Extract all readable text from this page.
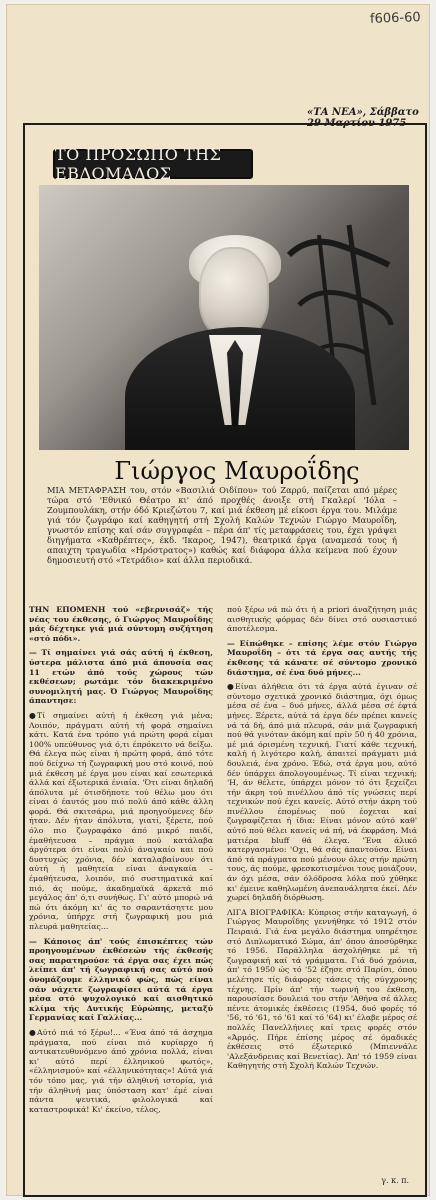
f606-60
«ΤΑ ΝΕΑ», Σάββατο 29 Μαρτίου 1975
ΤΟ ΠΡΟΣΩΠΟ ΤΗΣ ΕΒΔΟΜΑΔΟΣ
Γιώργος Μαυροΐδης

ΜΙΑ ΜΕΤΑΦΡΑΣΗ του, στόν «Βασιλιά Οιδίπου» τού Ζαρρύ, παίζεται από μέρες τώρα στό 'Εθνικό Θέατρο κι' άπό προχθές άνοιξε στή Γκαλερί 'Ιόλα – Ζουμπουλάκη, στήν όδό Κριεζώτου 7, καί μιά έκθεση μέ είκοσι έργα του. Μιλάμε γιά τόν ζωγράφο καί καθηγητή στή Σχολή Καλών Τεχνών Γιώργο Μαυροΐδη, γνωστόν επίσης καί σάν συγγραφέα – πέρα άπ' τίς μεταφράσεις του, έχει γράψει διηγήματα «Καθρέπτες», έκδ. 'Ικαρος, 1947), θεατρικά έργα (αναμεσά τους ή απαιχτη τραγωδία «Ηρόστρατος») καθώς καί διάφορα άλλα κείμενα πού έχουν δημοσιευτή στό «Τετράδιο» καί άλλα περιοδικά.

ΤΗΝ ΕΠΟΜΕΝΗ τού «εβερνισάζ» τής νέας του έκθεσης, ό Γιώργος Μαυροΐδης μάς δέχτηκε γιά μιά σύντομη συζήτηση «στό πόδι».

— Τί σημαίνει γιά σάς αύτή ή έκθεση, ύστερα μάλιστα άπό μιά άπουσία σας 11 ετών άπό τούς χώρους τών εκθέσεων; ρωτάμε τόν διακεκριμένο συνομιλητή μας. Ό Γιώργος Μαυροΐδης άπαντησε:

●Τί σημαίνει αύτή ή έκθεση γιά μένα; Λοιπόν, πράγματι αύτή τή φορά σημαίνει κάτι. Κατά ένα τρόπο γιά πρώτη φορά είμαι 100% υπεύθυνος γιά ό,τι έπρόκειτο νά δείξω. Θά έλεγα πώς είναι ή πρώτη φορά, άπό τότε πού δείχνω τή ζωγραφική μου στό κοινό, πού μιά έκθεση μέ έργα μου είναι καί εσωτερικά άλλά καί έξωτερικά ένιαία. 'Ότι είναι δηλαδή άπόλυτα μέ ότισδήποτε τού θέλω μου ότι είναι ό έαυτός μου πιό πολύ άπό κάθε άλλη φορά. Θά σκιτσάρω, μιά προηγούμενες δέν ήταν. Δέν ήταν άπόλυτα, γιατί, ξέρετε, πού όλο πιο ζωγραφάκο άπό μικρό παιδί, έμαθήτευσα – πράγμα πού κατάλαβα άργότερα ότι είναι πολύ άναγκαίο και πού δυστυχώς χρόνια, δέν καταλαβαίνουν ότι αύτή ή μαθητεία είναι άναγκαία – έμαθήτευσα, λοιπόν, πιό συστηματικά καί πιό, άς πούμε, άκαδημαϊκά άρκετά πιό μεγάλος άπ' ό,τι συνήθως. Γι' αύτό μπορώ νά πώ ότι άκόμη κι' άς το σαραντάσηττε μου χρόνια, ύπήρχε στή ζωγραφική μου μιά πλευρά μαθητείας...

— Κάποιος άπ' τούς έπισκέπτες τών προηγουμένων έκθέσεών τής έκθεσής σας παρατηρούσε τά έργα σας έχει πώς λείπει άπ' τή ζωγραφική σας αύτό πού όνομάζουμε έλληνικό φώς, πώς είναι σάν νάχετε ζωγραφίσει αύτά τά έργα μέσα στό ψυχολογικό καί αισθητικό κλίμα τής Δυτικής Εύρώπης, μεταξύ Γερμανίας καί Γαλλίας...

●Αύτό πιά τό ξέρω!... «Ένα άπό τά άσχημα πράγματα, πού είναι πιό κυρίαρχο ή αντικατευθυνόμενο άπό χρόνια πολλά, είναι κι' αύτό περί έλληνικού φωτός», «έλληνισμού» καί «έλληνικότητας»! Αύτά γιά τόν τόπο μας, γιά τήν άληθινή ιστορία, γιά τήν άληθινή μας ύπόσταση κατ' έμέ είναι πάντα ψευτικά, φιλολογικά καί καταστροφικά! Κι' έκείνο, τέλος,

πού ξέρω νά πώ ότι ή a priori άναζήτηση μιάς αισθητικής φόρμας δέν δίνει στό ουσιαστικό άποτέλεσμα.

— Είπώθηκε – επίσης λέμε στόν Γιώργο Μαυροΐδη – ότι τά έργα σας αυτής τής έκθεσης τά κάνατε σέ σύντομο χρονικό διάστημα, σέ ένα δυό μήνες...

●Είναι άλήθεια ότι τά έργα αύτά έγιναν σέ σύντομο σχετικά χρονικό διάστημα, όχι όμως μέσα σέ ένα – δυό μήνες, άλλά μέσα σέ έφτά μήνες. Ξέρετε, αύτά τά έργα δέν πρέπει κανείς νά τά δή, άπό μιά πλευρά, σάν μιά ζωγραφική πού θά γινόταν άκόμη καί πρίν 50 ή 40 χρόνια, μέ μιά όρισμένη τεχνική. Γιατί κάθε τεχνική, καλή ή λιγότερο καλή, άπαιτεί πράγματι μιά δουλειά, ένα χρόνο. Έδώ, στά έργα μου, αύτό δέν ύπάρχει άπολογουμένως. Τί είναι τεχνική; 'Η, άν θέλετε, ύπάρχει μόνον τό ότι ξεχείζει τήν άκρη τού πινέλλου άπό τίς γνώσεις περί τεχνικών πού έχει κανείς. Αύτό στήν άκρη τού πινέλλου έπομένως πού έοχεται καί ζωγραφίζεται ή ίδια: Είναι μόνον αύτό καθ' αύτό πού θέλει κανείς νά πή, νά έκφράση. Μιά ματιέρα bluff θά έλεγα. 'Ένα άλικό κατεργασμένο: 'Οχι, θά σάς άπαντούσα. Είναι άπό τά πράγματα πού μένουν όλες στήν πρώτη τους, άς πούμε, φρεσκοτισμένοι τους μοιάζουν, άν όχι μέσα, σάν όλόδροσα λόλα πού χύθηκε κι' έμεινε καθηλωμένη άνεπανάληπτα έκεί. Δέν χωρεί δηλαδή διόρθωση.

ΛΙΓΑ ΒΙΟΓΡΑΦΙΚΑ: Κύπριος στήν καταγωγή, ό Γιώργος Μαυροΐδης γεννήθηκε τό 1912 στόν Πειραιά. Γιά ένα μεγάλο διάστημα υπηρέτησε στό Διπλωματικό Σώμα, άπ' όπου άποσύρθηκε τό 1956. Παράλληλα άσχολήθηκε μέ τή ζωγραφική καί τά γράμματα. Γιά δυό χρόνια, άπ' τό 1950 ώς τό '52 έζησε στό Παρίσι, όπου μελέτησε τίς διάφορες τάσεις τής σύγχρονης τέχνης. Πρίν άπ' τήν τωρινή του έκθεση, παρουσίασε δουλειά του στήν 'Αθήνα σέ άλλες πέντε άτομικές έκθέσεις (1954, δυό φορές τό '56, τό '61, τό '61 καί τό '64) κι' έλαβε μέρος σέ πολλές Πανελλήνιες καί τρεις φορές στόν «Άρμός. Πήρε έπίσης μέρος σέ όμαδικές έκθέσεις στό έξωτερικό (Μπιεννάλε 'Αλεξάνδρειας καί Βενετίας). Άπ' τό 1959 είναι Καθηγητής στή Σχολή Καλών Τεχνών.

γ. κ. π.
